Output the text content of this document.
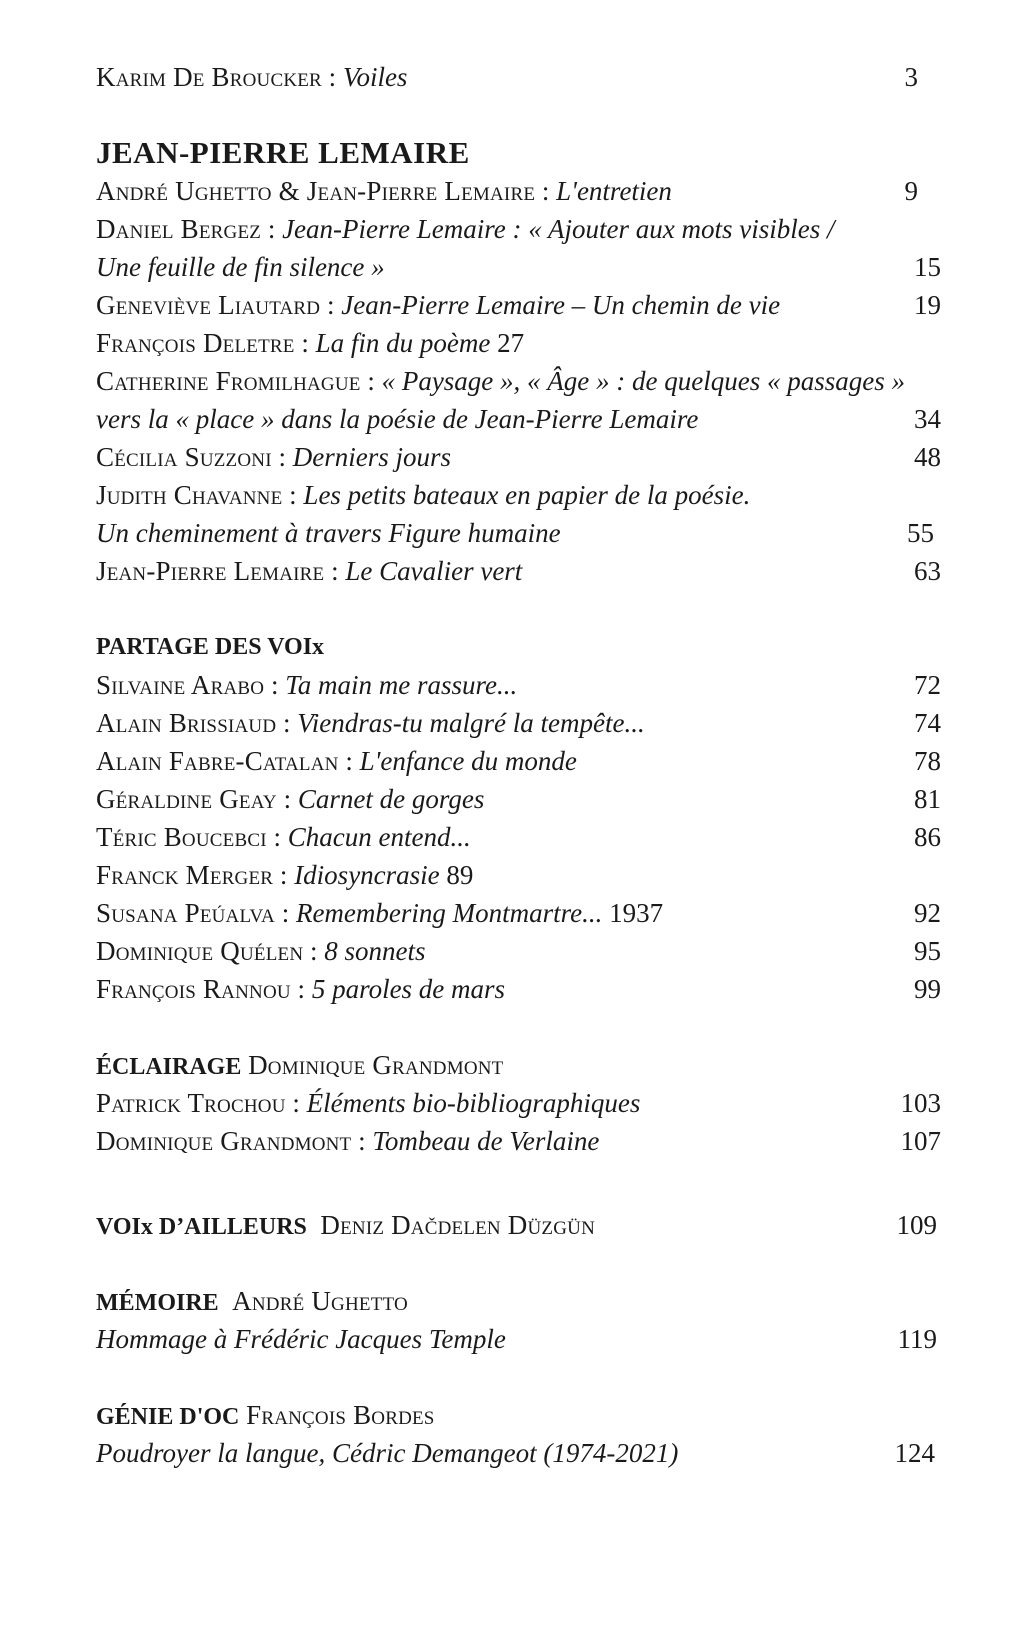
Karim De Broucker : Voiles	3
JEAN-PIERRE LEMAIRE
André Ughetto & Jean-Pierre Lemaire : L'entretien	9
Daniel Bergez : Jean-Pierre Lemaire : « Ajouter aux mots visibles /
Une feuille de fin silence »	15
Geneviève Liautard : Jean-Pierre Lemaire – Un chemin de vie	19
François Deletre : La fin du poème 27
Catherine Fromilhague : « Paysage », « Âge » : de quelques « passages »
vers la « place » dans la poésie de Jean-Pierre Lemaire	34
Cécilia Suzzoni : Derniers jours	48
Judith Chavanne : Les petits bateaux en papier de la poésie.
Un cheminement à travers Figure humaine	55
Jean-Pierre Lemaire : Le Cavalier vert	63
PARTAGE DES VOIx
Silvaine Arabo : Ta main me rassure...	72
Alain Brissiaud : Viendras-tu malgré la tempête...	74
Alain Fabre-Catalan : L'enfance du monde	78
Géraldine Geay : Carnet de gorges	81
Téric Boucebci : Chacun entend...	86
Franck Merger : Idiosyncrasie 89
Susana Peúalva : Remembering Montmartre... 1937	92
Dominique Quélen : 8 sonnets	95
François Rannou : 5 paroles de mars	99
ÉCLAIRAGE Dominique Grandmont
Patrick Trochou : Éléments bio-bibliographiques	103
Dominique Grandmont : Tombeau de Verlaine	107
VOIx D’AILLEURS Deniz Dačdelen Düzgün	109
MÉMOIRE André Ughetto
Hommage à Frédéric Jacques Temple	119
GÉNIE D'OC François Bordes
Poudroyer la langue, Cédric Demangeot (1974-2021)	124
